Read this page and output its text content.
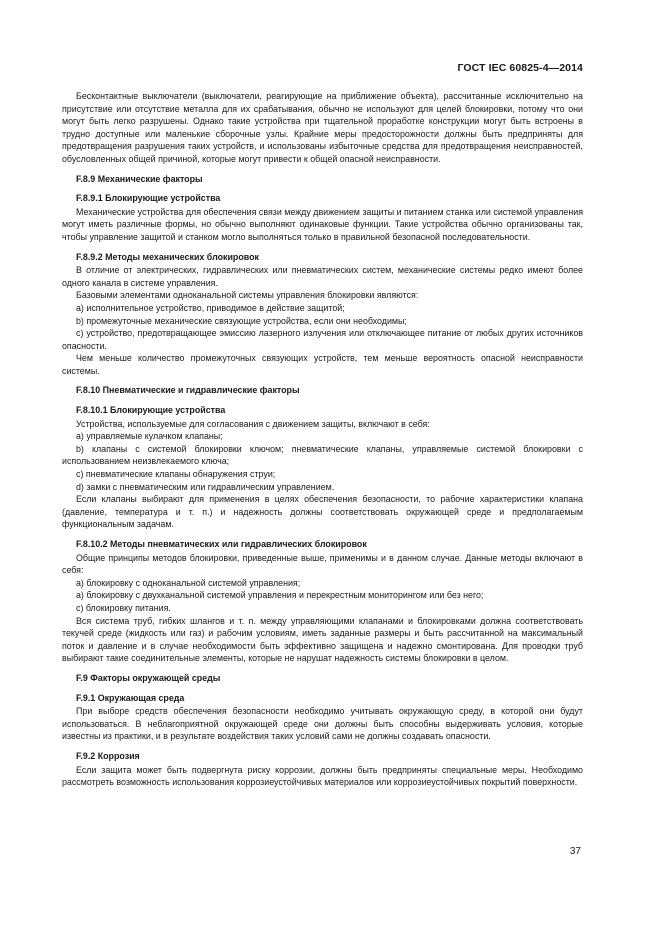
ГОСТ IEC 60825-4—2014

Бесконтактные выключатели (выключатели, реагирующие на приближение объекта), рассчитанные исключительно на присутствие или отсутствие металла для их срабатывания, обычно не используют для целей блокировки, потому что они могут быть легко разрушены. Однако такие устройства при тщательной проработке конструкции могут быть встроены в трудно доступные или маленькие сборочные узлы. Крайние меры предосторожности должны быть предприняты для предотвращения разрушения таких устройств, и использованы избыточные средства для предотвращения неисправностей, обусловленных общей причиной, которые могут привести к общей опасной неисправности.

F.8.9 Механические факторы
F.8.9.1 Блокирующие устройства

Механические устройства для обеспечения связи между движением защиты и питанием станка или системой управления могут иметь различные формы, но обычно выполняют одинаковые функции. Такие устройства обычно организованы так, чтобы управление защитой и станком могло выполняться только в правильной безопасной последовательности.

F.8.9.2 Методы механических блокировок

В отличие от электрических, гидравлических или пневматических систем, механические системы редко имеют более одного канала в системе управления.

Базовыми элементами одноканальной системы управления блокировки являются:

а) исполнительное устройство, приводимое в действие защитой;

b) промежуточные механические связующие устройства, если они необходимы;

с) устройство, предотвращающее эмиссию лазерного излучения или отключающее питание от любых других источников опасности.

Чем меньше количество промежуточных связующих устройств, тем меньше вероятность опасной неисправности системы.

F.8.10 Пневматические и гидравлические факторы
F.8.10.1 Блокирующие устройства

Устройства, используемые для согласования с движением защиты, включают в себя:

а) управляемые кулачком клапаны;

b) клапаны с системой блокировки ключом; пневматические клапаны, управляемые системой блокировки с использованием неизвлекаемого ключа;

с) пневматические клапаны обнаружения струи;

d) замки с пневматическим или гидравлическим управлением.

Если клапаны выбирают для применения в целях обеспечения безопасности, то рабочие характеристики клапана (давление, температура и т. п.) и надежность должны соответствовать окружающей среде и предполагаемым функциональным задачам.

F.8.10.2 Методы пневматических или гидравлических блокировок

Общие принципы методов блокировки, приведенные выше, применимы и в данном случае. Данные методы включают в себя:

а) блокировку с одноканальной системой управления;

а) блокировку с двухканальной системой управления и перекрестным мониторингом или без него;

с) блокировку питания.

Вся система труб, гибких шлангов и т. п. между управляющими клапанами и блокировками должна соответствовать текучей среде (жидкость или газ) и рабочим условиям, иметь заданные размеры и быть рассчитанной на максимальный поток и давление и в случае необходимости быть эффективно защищена и надежно смонтирована. Для проводки труб выбирают такие соединительные элементы, которые не нарушат надежность системы блокировки в целом.

F.9 Факторы окружающей среды
F.9.1 Окружающая среда

При выборе средств обеспечения безопасности необходимо учитывать окружающую среду, в которой они будут использоваться. В неблагоприятной окружающей среде они должны быть способны выдерживать условия, которые известны из практики, и в результате воздействия таких условий сами не должны создавать опасности.

F.9.2 Коррозия

Если защита может быть подвергнута риску коррозии, должны быть предприняты специальные меры. Необходимо рассмотреть возможность использования коррозиеустойчивых материалов или коррозиеустойчивых покрытий поверхности.

37
